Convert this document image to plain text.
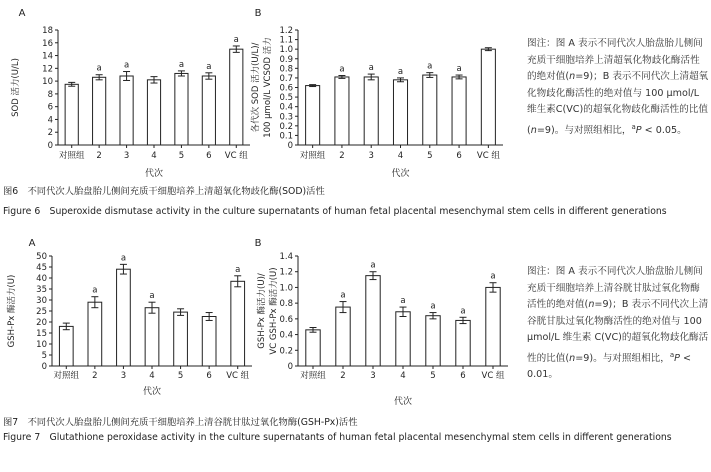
A
0
2
4
6
8
10
12
14
16
18
对照组
a
2
a
3	4
a
5
a
6
a
VC 组
代次
SOD 活力(U/L)
B
0
0.1
0.2
0.3
0.4
0.5
0.6
0.7
0.8
0.9
1.0
1.1
1.2
对照组
a
2
a
3
a
4
a
5
a
6 VC 组
代次
各代次 SOD 活力(U/L)/ 100 μmol/L VCSOD 活力
A
0
5
10
15
20
25
30
35
40
45
50
对照组
a
2
a
3
a
4	5	6
a
VC 组
代次
GSH-Px 酶活力(U)
B
0
0.2
0.4
0.6
0.8
1.0
1.2
1.4
对照组
a
2
a
3
a
4
a
5
a
6
a
VC 组
代次
GSH-Px 酶活力(U)/ VC GSH-Px 酶活力(U)

图注：图 A 表示不同代次人胎盘胎儿侧间充质干细胞培养上清超氧化物歧化酶活性的绝对值(n=9)；B 表示不同代次上清超氧化物歧化酶活性的绝对值与 100 μmol/L 维生素C(VC)的超氧化物歧化酶活性的比值(n=9)。与对照组相比，$^a$P < 0.05。

图注：图 A 表示不同代次人胎盘胎儿侧间充质干细胞培养上清谷胱甘肽过氧化物酶活性的绝对值(n=9)；B 表示不同代次上清谷胱甘肽过氧化物酶活性的绝对值与 100 μmol/L 维生素 C(VC)的超氧化物歧化酶活性的比值(n=9)。与对照组相比，$^a$P < 0.01。

图6　不同代次人胎盘胎儿侧间充质干细胞培养上清超氧化物歧化酶(SOD)活性

Figure 6　Superoxide dismutase activity in the culture supernatants of human fetal placental mesenchymal stem cells in different generations

图7　不同代次人胎盘胎儿侧间充质干细胞培养上清谷胱甘肽过氧化物酶(GSH-Px)活性

Figure 7　Glutathione peroxidase activity in the culture supernatants of human fetal placental mesenchymal stem cells in different generations
